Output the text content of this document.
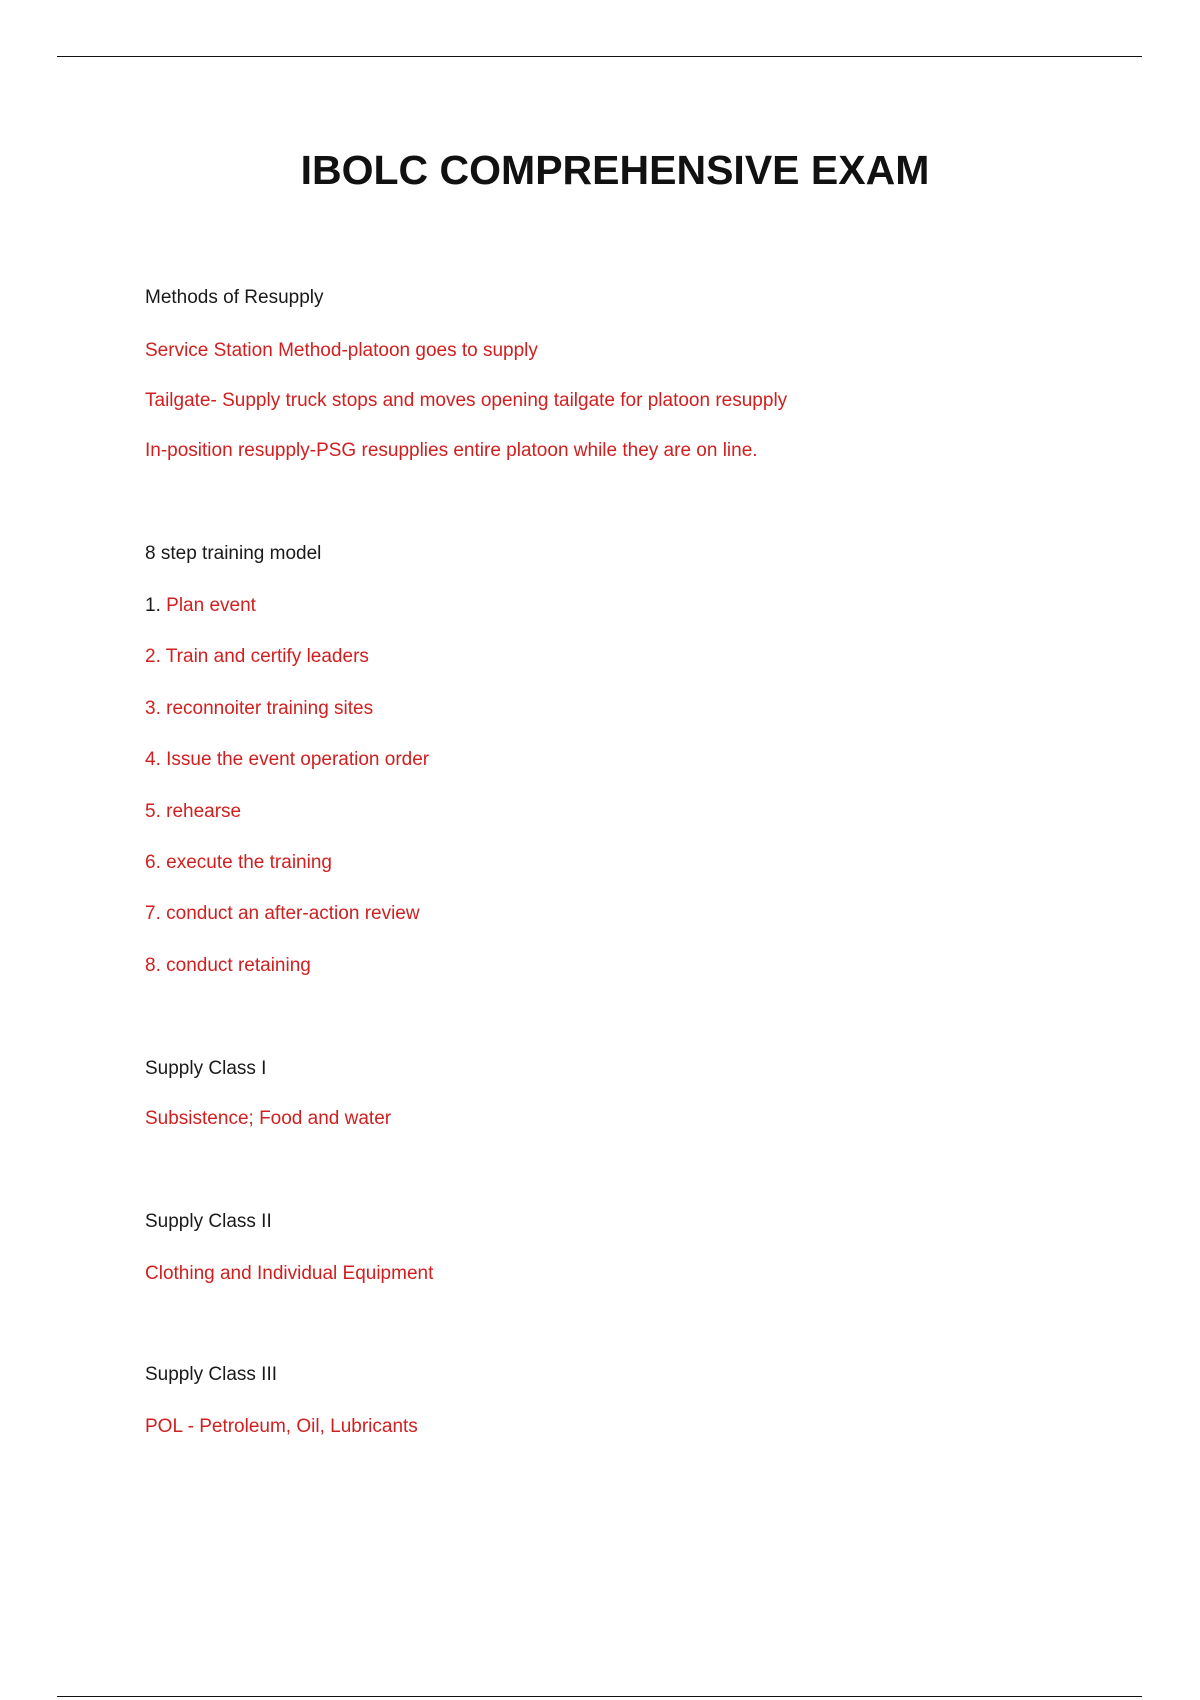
IBOLC COMPREHENSIVE EXAM
Methods of Resupply
Service Station Method-platoon goes to supply
Tailgate- Supply truck stops and moves opening tailgate for platoon resupply
In-position resupply-PSG resupplies entire platoon while they are on line.
8 step training model
1. Plan event
2. Train and certify leaders
3. reconnoiter training sites
4. Issue the event operation order
5. rehearse
6. execute the training
7. conduct an after-action review
8. conduct retaining
Supply Class I
Subsistence; Food and water
Supply Class II
Clothing and Individual Equipment
Supply Class III
POL - Petroleum, Oil, Lubricants
